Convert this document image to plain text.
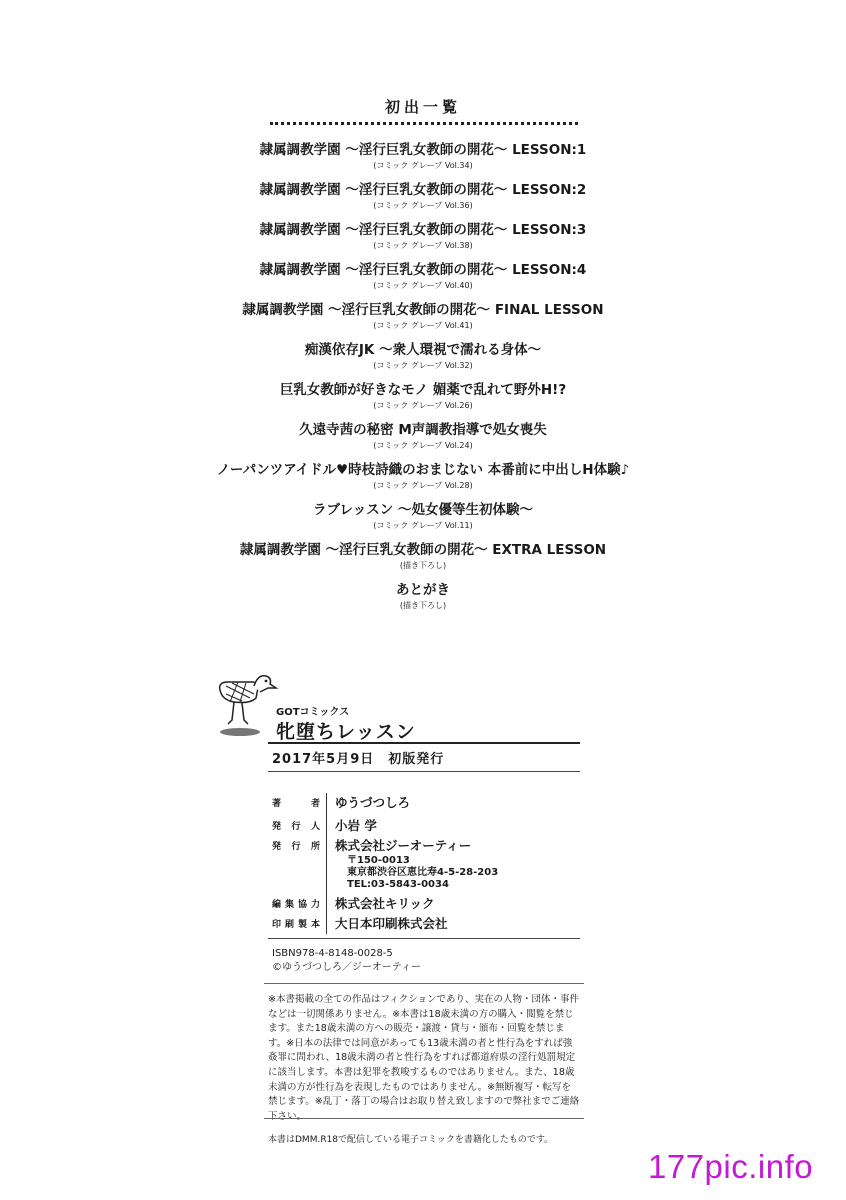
初出一覧
隷属調教学園 ～淫行巨乳女教師の開花～ LESSON:1
(コミック グレープ Vol.34)
隷属調教学園 ～淫行巨乳女教師の開花～ LESSON:2
(コミック グレープ Vol.36)
隷属調教学園 ～淫行巨乳女教師の開花～ LESSON:3
(コミック グレープ Vol.38)
隷属調教学園 ～淫行巨乳女教師の開花～ LESSON:4
(コミック グレープ Vol.40)
隷属調教学園 ～淫行巨乳女教師の開花～ FINAL LESSON
(コミック グレープ Vol.41)
痴漢依存JK ～衆人環視で濡れる身体～
(コミック グレープ Vol.32)
巨乳女教師が好きなモノ 媚薬で乱れて野外H!?
(コミック グレープ Vol.26)
久遠寺茜の秘密 M声調教指導で処女喪失
(コミック グレープ Vol.24)
ノーパンツアイドル♥時枝詩織のおまじない 本番前に中出しH体験♪
(コミック グレープ Vol.28)
ラブレッスン ～処女優等生初体験～
(コミック グレープ Vol.11)
隷属調教学園 ～淫行巨乳女教師の開花～ EXTRA LESSON
(描き下ろし)
あとがき
(描き下ろし)
GOTコミックス
牝堕ちレッスン
2017年5月9日　初版発行
著者 ゆうづつしろ
発行人 小岩 学
発行所 株式会社ジーオーティー
〒150-0013
東京都渋谷区恵比寿4-5-28-203
TEL:03-5843-0034
編集協力 株式会社キリック
印刷製本 大日本印刷株式会社
ISBN978-4-8148-0028-5
©ゆうづつしろ／ジーオーティー
※本書掲載の全ての作品はフィクションであり、実在の人物・団体・事件などは一切関係ありません。※本書は18歳未満の方の購入・閲覧を禁じます。また18歳未満の方への販売・譲渡・貸与・頒布・回覧を禁じます。※日本の法律では同意があっても13歳未満の者と性行為をすれば強姦罪に問われ、18歳未満の者と性行為をすれば都道府県の淫行処罰規定に該当します。本書は犯罪を教唆するものではありません。また、18歳未満の方が性行為を表現したものではありません。※無断複写・転写を禁じます。※乱丁・落丁の場合はお取り替え致しますので弊社までご連絡下さい。
本書はDMM.R18で配信している電子コミックを書籍化したものです。
177pic.info
